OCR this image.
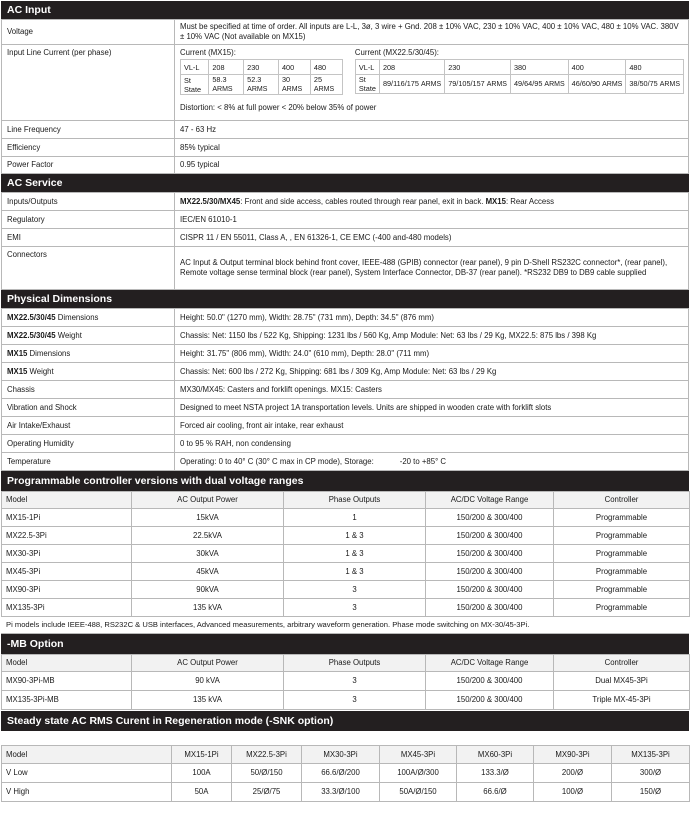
AC Input
Voltage	Must be specified at time of order. All inputs are L-L, 3ø, 3 wire + Gnd. 208 ± 10% VAC, 230 ± 10% VAC, 400 ± 10% VAC, 480 ± 10% VAC. 380V ± 10% VAC (Not available on MX15)
Input Line Current (per phase)	Current (MX15):
VL-L	208	230	400	480
St State	58.3 ARMS	52.3 ARMS	30 ARMS	25 ARMS
Current (MX22.5/30/45):
VL-L	208	230	380	400	480
St State	89/116/175 ARMS	79/105/157 ARMS	49/64/95 ARMS	46/60/90 ARMS	38/50/75 ARMS
Distortion: < 8% at full power < 20% below 35% of power

Line Frequency	47 - 63 Hz
Efficiency	85% typical
Power Factor	0.95 typical
AC Service
Inputs/Outputs	MX22.5/30/MX45: Front and side access, cables routed through rear panel, exit in back. MX15: Rear Access
Regulatory	IEC/EN 61010-1
EMI	CISPR 11 / EN 55011, Class A, , EN 61326-1, CE EMC (-400 and-480 models)
Connectors	AC Input & Output terminal block behind front cover, IEEE-488 (GPIB) connector (rear panel), 9 pin D-Shell RS232C connector*, (rear panel), Remote voltage sense terminal block (rear panel), System Interface Connector, DB-37 (rear panel). *RS232 DB9 to DB9 cable supplied
Physical Dimensions
MX22.5/30/45 Dimensions	Height: 50.0" (1270 mm), Width: 28.75" (731 mm), Depth: 34.5" (876 mm)
MX22.5/30/45 Weight	Chassis: Net: 1150 lbs / 522 Kg, Shipping: 1231 lbs / 560 Kg, Amp Module: Net: 63 lbs / 29 Kg, MX22.5: 875 lbs / 398 Kg
MX15 Dimensions	Height: 31.75" (806 mm), Width: 24.0" (610 mm), Depth: 28.0" (711 mm)
MX15 Weight	Chassis: Net: 600 lbs / 272 Kg, Shipping: 681 lbs / 309 Kg, Amp Module: Net: 63 lbs / 29 Kg
Chassis	MX30/MX45: Casters and forklift openings. MX15: Casters
Vibration and Shock	Designed to meet NSTA project 1A transportation levels. Units are shipped in wooden crate with forklift slots
Air Intake/Exhaust	Forced air cooling, front air intake, rear exhaust
Operating Humidity	0 to 95 % RAH, non condensing
Temperature	Operating: 0 to 40° C (30° C max in CP mode), Storage: -20 to +85° C
Programmable controller versions with dual voltage ranges
Model	AC Output Power	Phase Outputs	AC/DC Voltage Range	Controller
MX15-1Pi	15kVA	1	150/200 & 300/400	Programmable
MX22.5-3Pi	22.5kVA	1 & 3	150/200 & 300/400	Programmable
MX30-3Pi	30kVA	1 & 3	150/200 & 300/400	Programmable
MX45-3Pi	45kVA	1 & 3	150/200 & 300/400	Programmable
MX90-3Pi	90kVA	3	150/200 & 300/400	Programmable
MX135-3Pi	135 kVA	3	150/200 & 300/400	Programmable
Pi models include IEEE-488, RS232C & USB interfaces, Advanced measurements, arbitrary waveform generation. Phase mode switching on MX-30/45-3Pi.
-MB Option
Model	AC Output Power	Phase Outputs	AC/DC Voltage Range	Controller
MX90-3Pi-MB	90 kVA	3	150/200 & 300/400	Dual MX45-3Pi
MX135-3Pi-MB	135 kVA	3	150/200 & 300/400	Triple MX-45-3Pi
Steady state AC RMS Curent in Regeneration mode (-SNK option)
Model	MX15-1Pi	MX22.5-3Pi	MX30-3Pi	MX45-3Pi	MX60-3Pi	MX90-3Pi	MX135-3Pi
V Low	100A	50/Ø/150	66.6/Ø/200	100A/Ø/300	133.3/Ø	200/Ø	300/Ø
V High	50A	25/Ø/75	33.3/Ø/100	50A/Ø/150	66.6/Ø	100/Ø	150/Ø
